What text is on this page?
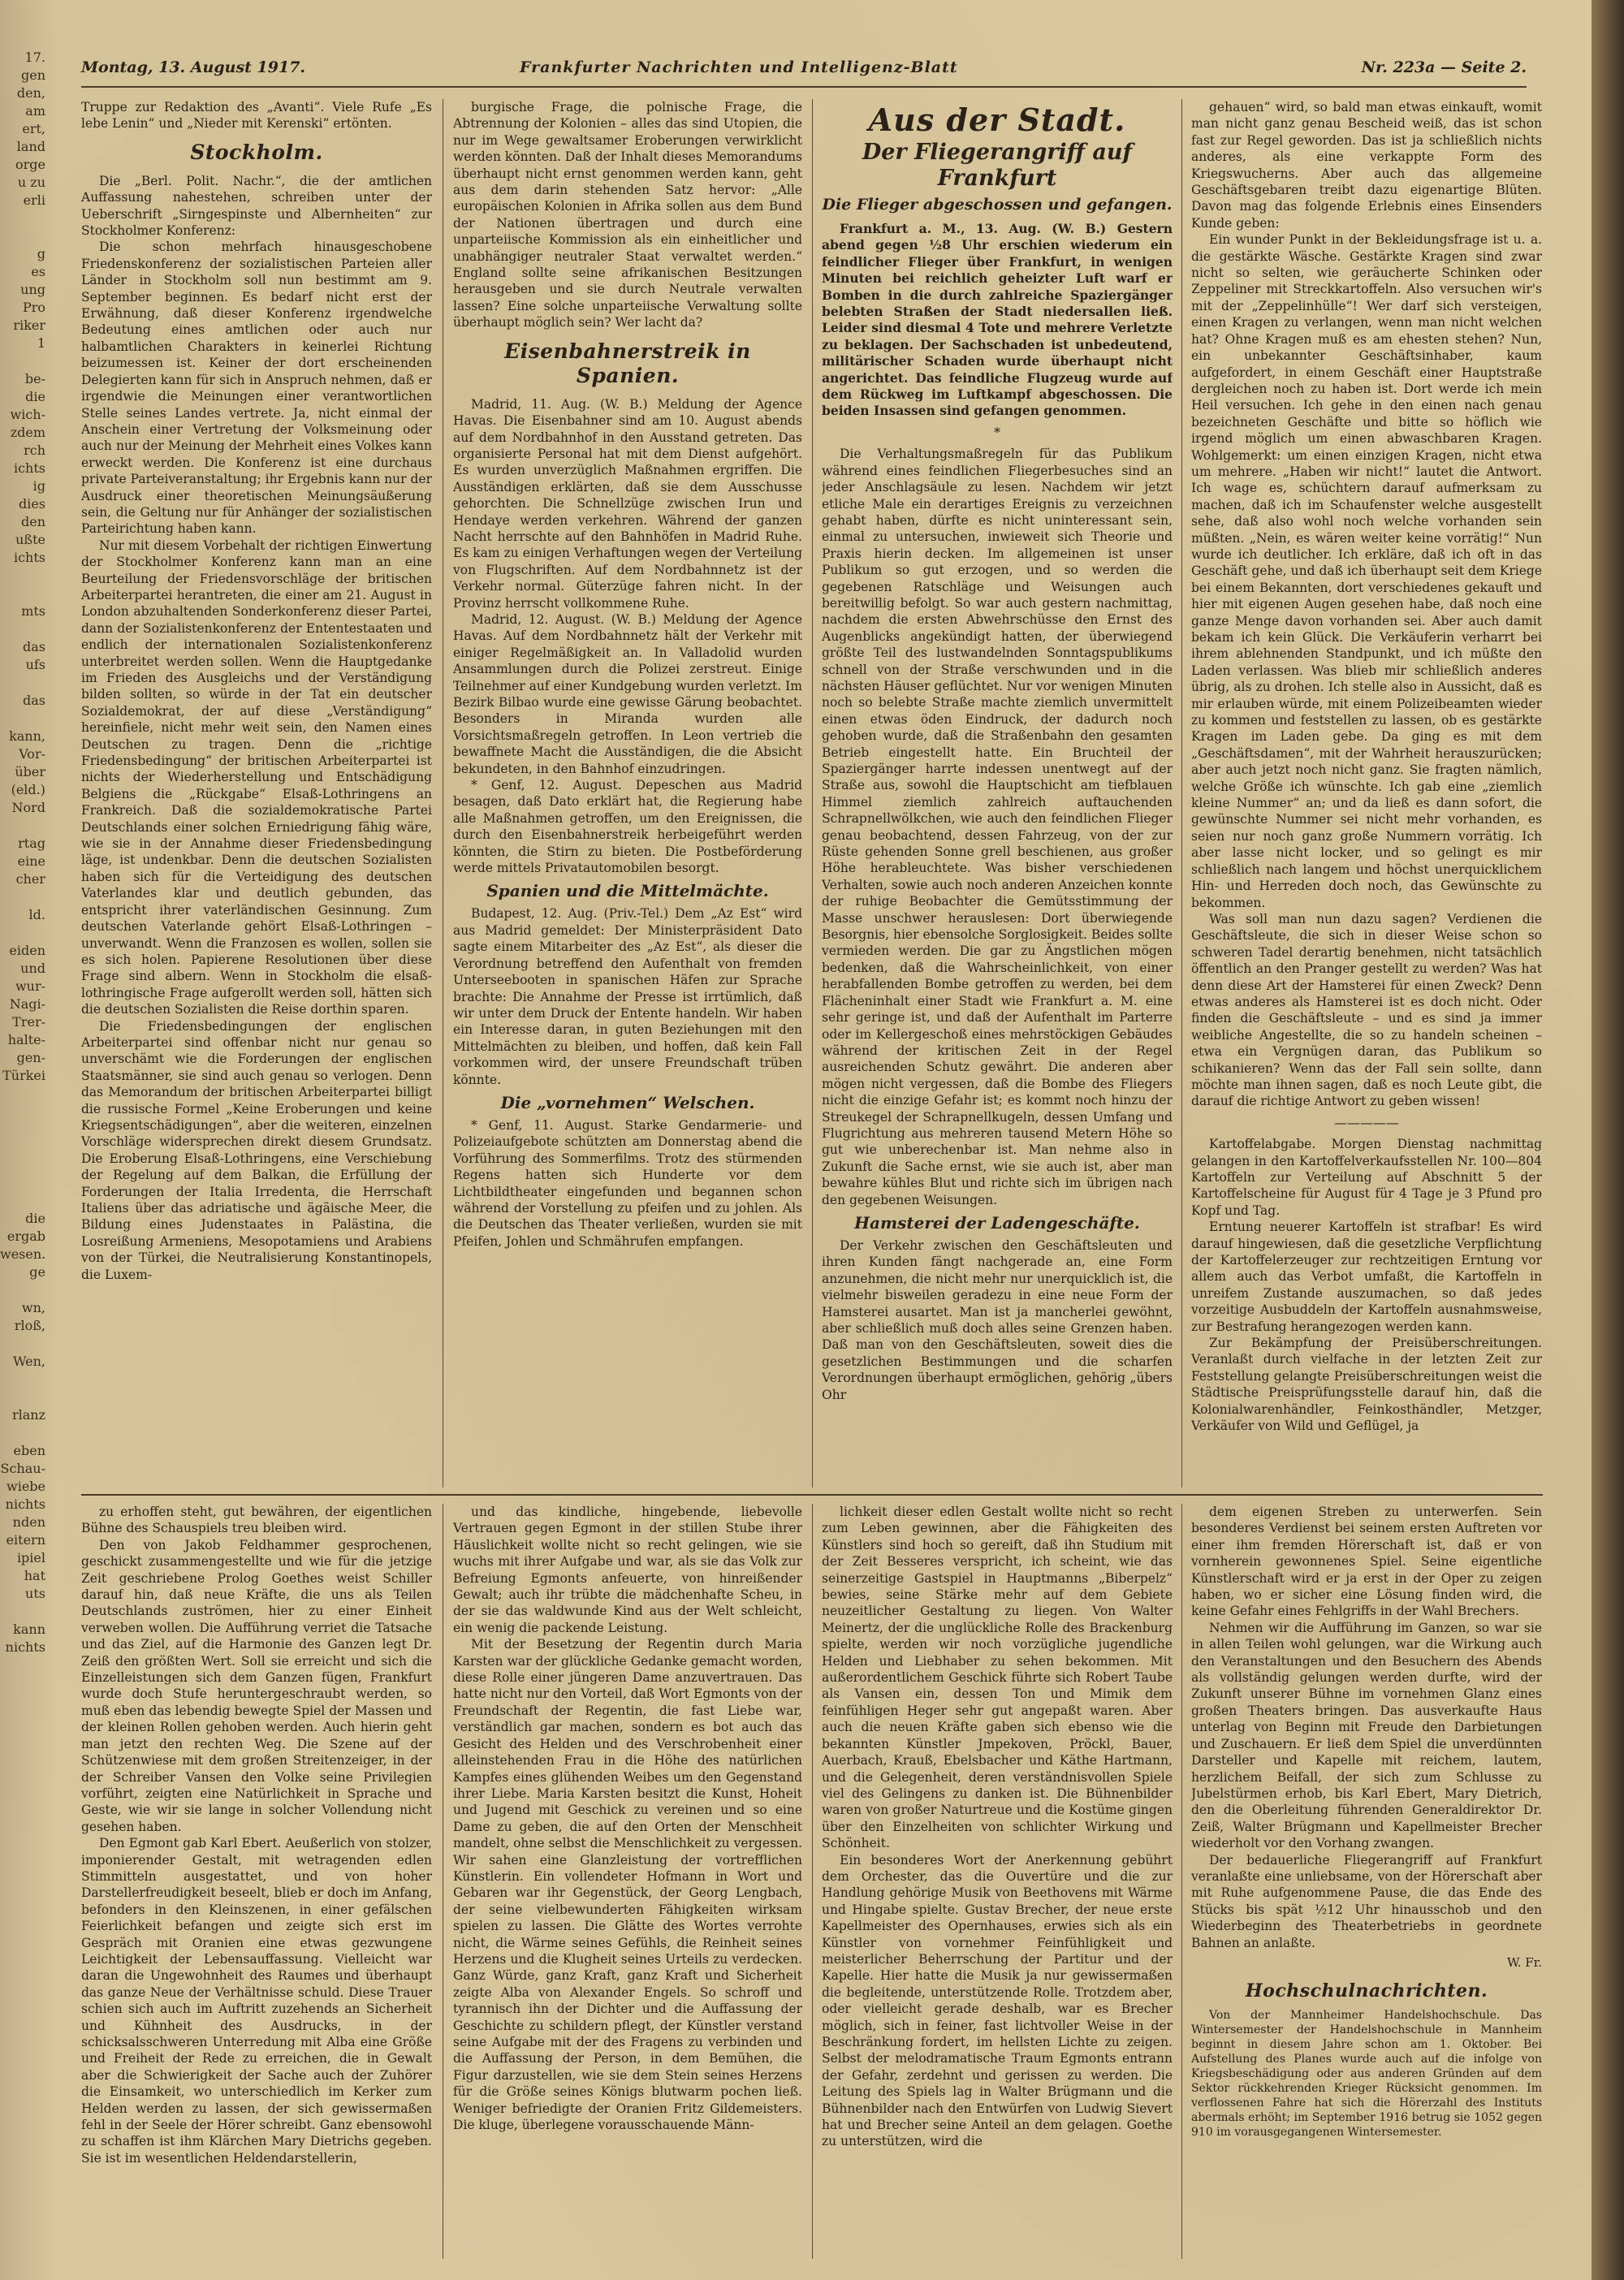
17.
gen
den,
am
ert,
land
orge
u zu
erli

g
es
ung
Pro
riker
1

be-
die
wich-
zdem
rch
ichts
ig
dies
den
ußte
ichts

mts

das
ufs

das

kann,
Vor-
über
(eld.)
Nord

rtag
eine
cher

ld.

eiden
und
wur-
Nagi-
Trer-
halte-
gen-
Türkei

die
ergab
wesen.
ge

wn,
rloß,

Wen,

rlanz

eben
Schau-
wiebe
nichts
nden
eitern
ipiel
hat
uts

kann
nichts
Montag, 13. August 1917.	Frankfurter Nachrichten und Intelligenz-Blatt	Nr. 223a — Seite 2.

Truppe zur Redaktion des „Avanti“. Viele Rufe „Es lebe Lenin“ und „Nieder mit Kerenski“ ertönten.

Stockholm.

Die „Berl. Polit. Nachr.“, die der amtlichen Auffassung nahestehen, schreiben unter der Ueberschrift „Sirngespinste und Albernheiten“ zur Stockholmer Konferenz:

Die schon mehrfach hinausgeschobene Friedenskonferenz der sozialistischen Parteien aller Länder in Stockholm soll nun bestimmt am 9. September beginnen. Es bedarf nicht erst der Erwähnung, daß dieser Konferenz irgendwelche Bedeutung eines amtlichen oder auch nur halbamtlichen Charakters in keinerlei Richtung beizumessen ist. Keiner der dort erscheinenden Delegierten kann für sich in Anspruch nehmen, daß er irgendwie die Meinungen einer verantwortlichen Stelle seines Landes vertrete. Ja, nicht einmal der Anschein einer Vertretung der Volksmeinung oder auch nur der Meinung der Mehrheit eines Volkes kann erweckt werden. Die Konferenz ist eine durchaus private Parteiveranstaltung; ihr Ergebnis kann nur der Ausdruck einer theoretischen Meinungsäußerung sein, die Geltung nur für Anhänger der sozialistischen Parteirichtung haben kann.

Nur mit diesem Vorbehalt der richtigen Einwertung der Stockholmer Konferenz kann man an eine Beurteilung der Friedensvorschläge der britischen Arbeiterpartei herantreten, die einer am 21. August in London abzuhaltenden Sonderkonferenz dieser Partei, dann der Sozialistenkonferenz der Ententestaaten und endlich der internationalen Sozialistenkonferenz unterbreitet werden sollen. Wenn die Hauptgedanke im Frieden des Ausgleichs und der Verständigung bilden sollten, so würde in der Tat ein deutscher Sozialdemokrat, der auf diese „Verständigung“ hereinfiele, nicht mehr weit sein, den Namen eines Deutschen zu tragen. Denn die „richtige Friedensbedingung“ der britischen Arbeiterpartei ist nichts der Wiederherstellung und Entschädigung Belgiens die „Rückgabe“ Elsaß-Lothringens an Frankreich. Daß die sozialdemokratische Partei Deutschlands einer solchen Erniedrigung fähig wäre, wie sie in der Annahme dieser Friedensbedingung läge, ist undenkbar. Denn die deutschen Sozialisten haben sich für die Verteidigung des deutschen Vaterlandes klar und deutlich gebunden, das entspricht ihrer vaterländischen Gesinnung. Zum deutschen Vaterlande gehört Elsaß-Lothringen – unverwandt. Wenn die Franzosen es wollen, sollen sie es sich holen. Papierene Resolutionen über diese Frage sind albern. Wenn in Stockholm die elsaß-lothringische Frage aufgerollt werden soll, hätten sich die deutschen Sozialisten die Reise dorthin sparen.

Die Friedensbedingungen der englischen Arbeiterpartei sind offenbar nicht nur genau so unverschämt wie die Forderungen der englischen Staatsmänner, sie sind auch genau so verlogen. Denn das Memorandum der britischen Arbeiterpartei billigt die russische Formel „Keine Eroberungen und keine Kriegsentschädigungen“, aber die weiteren, einzelnen Vorschläge widersprechen direkt diesem Grundsatz. Die Eroberung Elsaß-Lothringens, eine Verschiebung der Regelung auf dem Balkan, die Erfüllung der Forderungen der Italia Irredenta, die Herrschaft Italiens über das adriatische und ägäische Meer, die Bildung eines Judenstaates in Palästina, die Losreißung Armeniens, Mesopotamiens und Arabiens von der Türkei, die Neutralisierung Konstantinopels, die Luxem-

burgische Frage, die polnische Frage, die Abtrennung der Kolonien – alles das sind Utopien, die nur im Wege gewaltsamer Eroberungen verwirklicht werden könnten. Daß der Inhalt dieses Memorandums überhaupt nicht ernst genommen werden kann, geht aus dem darin stehenden Satz hervor: „Alle europäischen Kolonien in Afrika sollen aus dem Bund der Nationen übertragen und durch eine unparteiische Kommission als ein einheitlicher und unabhängiger neutraler Staat verwaltet werden.“ England sollte seine afrikanischen Besitzungen herausgeben und sie durch Neutrale verwalten lassen? Eine solche unparteiische Verwaltung sollte überhaupt möglich sein? Wer lacht da?

Eisenbahnerstreik in Spanien.

Madrid, 11. Aug. (W. B.) Meldung der Agence Havas. Die Eisenbahner sind am 10. August abends auf dem Nordbahnhof in den Ausstand getreten. Das organisierte Personal hat mit dem Dienst aufgehört. Es wurden unverzüglich Maßnahmen ergriffen. Die Ausständigen erklärten, daß sie dem Ausschusse gehorchten. Die Schnellzüge zwischen Irun und Hendaye werden verkehren. Während der ganzen Nacht herrschte auf den Bahnhöfen in Madrid Ruhe. Es kam zu einigen Verhaftungen wegen der Verteilung von Flugschriften. Auf dem Nordbahnnetz ist der Verkehr normal. Güterzüge fahren nicht. In der Provinz herrscht vollkommene Ruhe.

Madrid, 12. August. (W. B.) Meldung der Agence Havas. Auf dem Nordbahnnetz hält der Verkehr mit einiger Regelmäßigkeit an. In Valladolid wurden Ansammlungen durch die Polizei zerstreut. Einige Teilnehmer auf einer Kundgebung wurden verletzt. Im Bezirk Bilbao wurde eine gewisse Gärung beobachtet. Besonders in Miranda wurden alle Vorsichtsmaßregeln getroffen. In Leon vertrieb die bewaffnete Macht die Ausständigen, die die Absicht bekundeten, in den Bahnhof einzudringen.

* Genf, 12. August. Depeschen aus Madrid besagen, daß Dato erklärt hat, die Regierung habe alle Maßnahmen getroffen, um den Ereignissen, die durch den Eisenbahnerstreik herbeigeführt werden könnten, die Stirn zu bieten. Die Postbeförderung werde mittels Privatautomobilen besorgt.

Spanien und die Mittelmächte.

Budapest, 12. Aug. (Priv.-Tel.) Dem „Az Est“ wird aus Madrid gemeldet: Der Ministerpräsident Dato sagte einem Mitarbeiter des „Az Est“, als dieser die Verordnung betreffend den Aufenthalt von fremden Unterseebooten in spanischen Häfen zur Sprache brachte: Die Annahme der Presse ist irrtümlich, daß wir unter dem Druck der Entente handeln. Wir haben ein Interesse daran, in guten Beziehungen mit den Mittelmächten zu bleiben, und hoffen, daß kein Fall vorkommen wird, der unsere Freundschaft trüben könnte.

Die „vornehmen“ Welschen.

* Genf, 11. August. Starke Gendarmerie- und Polizeiaufgebote schützten am Donnerstag abend die Vorführung des Sommerfilms. Trotz des stürmenden Regens hatten sich Hunderte vor dem Lichtbildtheater eingefunden und begannen schon während der Vorstellung zu pfeifen und zu johlen. Als die Deutschen das Theater verließen, wurden sie mit Pfeifen, Johlen und Schmährufen empfangen.

Aus der Stadt.
Der Fliegerangriff auf Frankfurt
Die Flieger abgeschossen und gefangen.

Frankfurt a. M., 13. Aug. (W. B.) Gestern abend gegen ½8 Uhr erschien wiederum ein feindlicher Flieger über Frankfurt, in wenigen Minuten bei reichlich geheizter Luft warf er Bomben in die durch zahlreiche Spaziergänger belebten Straßen der Stadt niedersallen ließ. Leider sind diesmal 4 Tote und mehrere Verletzte zu beklagen. Der Sachschaden ist unbedeutend, militärischer Schaden wurde überhaupt nicht angerichtet. Das feindliche Flugzeug wurde auf dem Rückweg im Luftkampf abgeschossen. Die beiden Insassen sind gefangen genommen.

*

Die Verhaltungsmaßregeln für das Publikum während eines feindlichen Fliegerbesuches sind an jeder Anschlagsäule zu lesen. Nachdem wir jetzt etliche Male ein derartiges Ereignis zu verzeichnen gehabt haben, dürfte es nicht uninteressant sein, einmal zu untersuchen, inwieweit sich Theorie und Praxis hierin decken. Im allgemeinen ist unser Publikum so gut erzogen, und so werden die gegebenen Ratschläge und Weisungen auch bereitwillig befolgt. So war auch gestern nachmittag, nachdem die ersten Abwehrschüsse den Ernst des Augenblicks angekündigt hatten, der überwiegend größte Teil des lustwandelnden Sonntagspublikums schnell von der Straße verschwunden und in die nächsten Häuser geflüchtet. Nur vor wenigen Minuten noch so belebte Straße machte ziemlich unvermittelt einen etwas öden Eindruck, der dadurch noch gehoben wurde, daß die Straßenbahn den gesamten Betrieb eingestellt hatte. Ein Bruchteil der Spaziergänger harrte indessen unentwegt auf der Straße aus, sowohl die Hauptschicht am tiefblauen Himmel ziemlich zahlreich auftauchenden Schrapnellwölkchen, wie auch den feindlichen Flieger genau beobachtend, dessen Fahrzeug, von der zur Rüste gehenden Sonne grell beschienen, aus großer Höhe herableuchtete. Was bisher verschiedenen Verhalten, sowie auch noch anderen Anzeichen konnte der ruhige Beobachter die Gemütsstimmung der Masse unschwer herauslesen: Dort überwiegende Besorgnis, hier ebensolche Sorglosigkeit. Beides sollte vermieden werden. Die gar zu Ängstlichen mögen bedenken, daß die Wahrscheinlichkeit, von einer herabfallenden Bombe getroffen zu werden, bei dem Flächeninhalt einer Stadt wie Frankfurt a. M. eine sehr geringe ist, und daß der Aufenthalt im Parterre oder im Kellergeschoß eines mehrstöckigen Gebäudes während der kritischen Zeit in der Regel ausreichenden Schutz gewährt. Die anderen aber mögen nicht vergessen, daß die Bombe des Fliegers nicht die einzige Gefahr ist; es kommt noch hinzu der Streukegel der Schrapnellkugeln, dessen Umfang und Flugrichtung aus mehreren tausend Metern Höhe so gut wie unberechenbar ist. Man nehme also in Zukunft die Sache ernst, wie sie auch ist, aber man bewahre kühles Blut und richte sich im übrigen nach den gegebenen Weisungen.

Hamsterei der Ladengeschäfte.

Der Verkehr zwischen den Geschäftsleuten und ihren Kunden fängt nachgerade an, eine Form anzunehmen, die nicht mehr nur unerquicklich ist, die vielmehr bisweilen geradezu in eine neue Form der Hamsterei ausartet. Man ist ja mancherlei gewöhnt, aber schließlich muß doch alles seine Grenzen haben. Daß man von den Geschäftsleuten, soweit dies die gesetzlichen Bestimmungen und die scharfen Verordnungen überhaupt ermöglichen, gehörig „übers Ohr

gehauen“ wird, so bald man etwas einkauft, womit man nicht ganz genau Bescheid weiß, das ist schon fast zur Regel geworden. Das ist ja schließlich nichts anderes, als eine verkappte Form des Kriegswucherns. Aber auch das allgemeine Geschäftsgebaren treibt dazu eigenartige Blüten. Davon mag das folgende Erlebnis eines Einsenders Kunde geben:

Ein wunder Punkt in der Bekleidungsfrage ist u. a. die gestärkte Wäsche. Gestärkte Kragen sind zwar nicht so selten, wie geräucherte Schinken oder Zeppeliner mit Streckkartoffeln. Also versuchen wir's mit der „Zeppelinhülle“! Wer darf sich versteigen, einen Kragen zu verlangen, wenn man nicht welchen hat? Ohne Kragen muß es am ehesten stehen? Nun, ein unbekannter Geschäftsinhaber, kaum aufgefordert, in einem Geschäft einer Hauptstraße dergleichen noch zu haben ist. Dort werde ich mein Heil versuchen. Ich gehe in den einen nach genau bezeichneten Geschäfte und bitte so höflich wie irgend möglich um einen abwaschbaren Kragen. Wohlgemerkt: um einen einzigen Kragen, nicht etwa um mehrere. „Haben wir nicht!“ lautet die Antwort. Ich wage es, schüchtern darauf aufmerksam zu machen, daß ich im Schaufenster welche ausgestellt sehe, daß also wohl noch welche vorhanden sein müßten. „Nein, es wären weiter keine vorrätig!“ Nun wurde ich deutlicher. Ich erkläre, daß ich oft in das Geschäft gehe, und daß ich überhaupt seit dem Kriege bei einem Bekannten, dort verschiedenes gekauft und hier mit eigenen Augen gesehen habe, daß noch eine ganze Menge davon vorhanden sei. Aber auch damit bekam ich kein Glück. Die Verkäuferin verharrt bei ihrem ablehnenden Standpunkt, und ich müßte den Laden verlassen. Was blieb mir schließlich anderes übrig, als zu drohen. Ich stelle also in Aussicht, daß es mir erlauben würde, mit einem Polizeibeamten wieder zu kommen und feststellen zu lassen, ob es gestärkte Kragen im Laden gebe. Da ging es mit dem „Geschäftsdamen“, mit der Wahrheit herauszurücken; aber auch jetzt noch nicht ganz. Sie fragten nämlich, welche Größe ich wünschte. Ich gab eine „ziemlich kleine Nummer“ an; und da ließ es dann sofort, die gewünschte Nummer sei nicht mehr vorhanden, es seien nur noch ganz große Nummern vorrätig. Ich aber lasse nicht locker, und so gelingt es mir schließlich nach langem und höchst unerquicklichem Hin- und Herreden doch noch, das Gewünschte zu bekommen.

Was soll man nun dazu sagen? Verdienen die Geschäftsleute, die sich in dieser Weise schon so schweren Tadel derartig benehmen, nicht tatsächlich öffentlich an den Pranger gestellt zu werden? Was hat denn diese Art der Hamsterei für einen Zweck? Denn etwas anderes als Hamsterei ist es doch nicht. Oder finden die Geschäftsleute – und es sind ja immer weibliche Angestellte, die so zu handeln scheinen – etwa ein Vergnügen daran, das Publikum so schikanieren? Wenn das der Fall sein sollte, dann möchte man ihnen sagen, daß es noch Leute gibt, die darauf die richtige Antwort zu geben wissen!

—————

Kartoffelabgabe. Morgen Dienstag nachmittag gelangen in den Kartoffelverkaufsstellen Nr. 100—804 Kartoffeln zur Verteilung auf Abschnitt 5 der Kartoffelscheine für August für 4 Tage je 3 Pfund pro Kopf und Tag.

Erntung neuerer Kartoffeln ist strafbar! Es wird darauf hingewiesen, daß die gesetzliche Verpflichtung der Kartoffelerzeuger zur rechtzeitigen Erntung vor allem auch das Verbot umfaßt, die Kartoffeln in unreifem Zustande auszumachen, so daß jedes vorzeitige Ausbuddeln der Kartoffeln ausnahmsweise, zur Bestrafung herangezogen werden kann.

Zur Bekämpfung der Preisüberschreitungen. Veranlaßt durch vielfache in der letzten Zeit zur Feststellung gelangte Preisüberschreitungen weist die Städtische Preisprüfungsstelle darauf hin, daß die Kolonialwarenhändler, Feinkosthändler, Metzger, Verkäufer von Wild und Geflügel, ja

zu erhoffen steht, gut bewähren, der eigentlichen Bühne des Schauspiels treu bleiben wird.

Den von Jakob Feldhammer gesprochenen, geschickt zusammengestellte und wie für die jetzige Zeit geschriebene Prolog Goethes weist Schiller darauf hin, daß neue Kräfte, die uns als Teilen Deutschlands zuströmen, hier zu einer Einheit verweben wollen. Die Aufführung verriet die Tatsache und das Ziel, auf die Harmonie des Ganzen legt Dr. Zeiß den größten Wert. Soll sie erreicht und sich die Einzelleistungen sich dem Ganzen fügen, Frankfurt wurde doch Stufe heruntergeschraubt werden, so muß eben das lebendig bewegte Spiel der Massen und der kleinen Rollen gehoben werden. Auch hierin geht man jetzt den rechten Weg. Die Szene auf der Schützenwiese mit dem großen Streitenzeiger, in der der Schreiber Vansen den Volke seine Privilegien vorführt, zeigten eine Natürlichkeit in Sprache und Geste, wie wir sie lange in solcher Vollendung nicht gesehen haben.

Den Egmont gab Karl Ebert. Aeußerlich von stolzer, imponierender Gestalt, mit wetragenden edlen Stimmitteln ausgestattet, und von hoher Darstellerfreudigkeit beseelt, blieb er doch im Anfang, befonders in den Kleinszenen, in einer gefälschen Feierlichkeit befangen und zeigte sich erst im Gespräch mit Oranien eine etwas gezwungene Leichtigkeit der Lebensauffassung. Vielleicht war daran die Ungewohnheit des Raumes und überhaupt das ganze Neue der Verhältnisse schuld. Diese Trauer schien sich auch im Auftritt zuzehends an Sicherheit und Kühnheit des Ausdrucks, in der schicksalsschweren Unterredung mit Alba eine Größe und Freiheit der Rede zu erreichen, die in Gewalt aber die Schwierigkeit der Sache auch der Zuhörer die Einsamkeit, wo unterschiedlich im Kerker zum Helden werden zu lassen, der sich gewissermaßen fehl in der Seele der Hörer schreibt. Ganz ebensowohl zu schaffen ist ihm Klärchen Mary Dietrichs gegeben. Sie ist im wesentlichen Heldendarstellerin,

und das kindliche, hingebende, liebevolle Vertrauen gegen Egmont in der stillen Stube ihrer Häuslichkeit wollte nicht so recht gelingen, wie sie wuchs mit ihrer Aufgabe und war, als sie das Volk zur Befreiung Egmonts anfeuerte, von hinreißender Gewalt; auch ihr trübte die mädchenhafte Scheu, in der sie das waldwunde Kind aus der Welt schleicht, ein wenig die packende Leistung.

Mit der Besetzung der Regentin durch Maria Karsten war der glückliche Gedanke gemacht worden, diese Rolle einer jüngeren Dame anzuvertrauen. Das hatte nicht nur den Vorteil, daß Wort Egmonts von der Freundschaft der Regentin, die fast Liebe war, verständlich gar machen, sondern es bot auch das Gesicht des Helden und des Verschrobenheit einer alleinstehenden Frau in die Höhe des natürlichen Kampfes eines glühenden Weibes um den Gegenstand ihrer Liebe. Maria Karsten besitzt die Kunst, Hoheit und Jugend mit Geschick zu vereinen und so eine Dame zu geben, die auf den Orten der Menschheit mandelt, ohne selbst die Menschlichkeit zu vergessen. Wir sahen eine Glanzleistung der vortrefflichen Künstlerin. Ein vollendeter Hofmann in Wort und Gebaren war ihr Gegenstück, der Georg Lengbach, der seine vielbewunderten Fähigkeiten wirksam spielen zu lassen. Die Glätte des Wortes verrohte nicht, die Wärme seines Gefühls, die Reinheit seines Herzens und die Klugheit seines Urteils zu verdecken. Ganz Würde, ganz Kraft, ganz Kraft und Sicherheit zeigte Alba von Alexander Engels. So schroff und tyrannisch ihn der Dichter und die Auffassung der Geschichte zu schildern pflegt, der Künstler verstand seine Aufgabe mit der des Fragens zu verbinden und die Auffassung der Person, in dem Bemühen, die Figur darzustellen, wie sie dem Stein seines Herzens für die Größe seines Königs blutwarm pochen ließ. Weniger befriedigte der Oranien Fritz Gildemeisters. Die kluge, überlegene vorausschauende Männ-

lichkeit dieser edlen Gestalt wollte nicht so recht zum Leben gewinnen, aber die Fähigkeiten des Künstlers sind hoch so gereift, daß ihn Studium mit der Zeit Besseres verspricht, ich scheint, wie das seinerzeitige Gastspiel in Hauptmanns „Biberpelz“ bewies, seine Stärke mehr auf dem Gebiete neuzeitlicher Gestaltung zu liegen. Von Walter Meinertz, der die unglückliche Rolle des Brackenburg spielte, werden wir noch vorzügliche jugendliche Helden und Liebhaber zu sehen bekommen. Mit außerordentlichem Geschick führte sich Robert Taube als Vansen ein, dessen Ton und Mimik dem feinfühligen Heger sehr gut angepaßt waren. Aber auch die neuen Kräfte gaben sich ebenso wie die bekannten Künstler Jmpekoven, Pröckl, Bauer, Auerbach, Krauß, Ebelsbacher und Käthe Hartmann, und die Gelegenheit, deren verständnisvollen Spiele viel des Gelingens zu danken ist. Die Bühnenbilder waren von großer Naturtreue und die Kostüme gingen über den Einzelheiten von schlichter Wirkung und Schönheit.

Ein besonderes Wort der Anerkennung gebührt dem Orchester, das die Ouvertüre und die zur Handlung gehörige Musik von Beethovens mit Wärme und Hingabe spielte. Gustav Brecher, der neue erste Kapellmeister des Opernhauses, erwies sich als ein Künstler von vornehmer Feinfühligkeit und meisterlicher Beherrschung der Partitur und der Kapelle. Hier hatte die Musik ja nur gewissermaßen die begleitende, unterstützende Rolle. Trotzdem aber, oder vielleicht gerade deshalb, war es Brecher möglich, sich in feiner, fast lichtvoller Weise in der Beschränkung fordert, im hellsten Lichte zu zeigen. Selbst der melodramatische Traum Egmonts entrann der Gefahr, zerdehnt und gerissen zu werden. Die Leitung des Spiels lag in Walter Brügmann und die Bühnenbilder nach den Entwürfen von Ludwig Sievert hat und Brecher seine Anteil an dem gelagen. Goethe zu unterstützen, wird die

dem eigenen Streben zu unterwerfen. Sein besonderes Verdienst bei seinem ersten Auftreten vor einer ihm fremden Hörerschaft ist, daß er von vornherein gewonnenes Spiel. Seine eigentliche Künstlerschaft wird er ja erst in der Oper zu zeigen haben, wo er sicher eine Lösung finden wird, die keine Gefahr eines Fehlgriffs in der Wahl Brechers.

Nehmen wir die Aufführung im Ganzen, so war sie in allen Teilen wohl gelungen, war die Wirkung auch den Veranstaltungen und den Besuchern des Abends als vollständig gelungen werden durfte, wird der Zukunft unserer Bühne im vornehmen Glanz eines großen Theaters bringen. Das ausverkaufte Haus unterlag von Beginn mit Freude den Darbietungen und Zuschauern. Er ließ dem Spiel die unverdünnten Darsteller und Kapelle mit reichem, lautem, herzlichem Beifall, der sich zum Schlusse zu Jubelstürmen erhob, bis Karl Ebert, Mary Dietrich, den die Oberleitung führenden Generaldirektor Dr. Zeiß, Walter Brügmann und Kapellmeister Brecher wiederholt vor den Vorhang zwangen.

Der bedauerliche Fliegerangriff auf Frankfurt veranlaßte eine unliebsame, von der Hörerschaft aber mit Ruhe aufgenommene Pause, die das Ende des Stücks bis spät ½12 Uhr hinausschob und den Wiederbeginn des Theaterbetriebs in geordnete Bahnen an anlaßte.

W. Fr.
Hochschulnachrichten.

Von der Mannheimer Handelshochschule. Das Wintersemester der Handelshochschule in Mannheim beginnt in diesem Jahre schon am 1. Oktober. Bei Aufstellung des Planes wurde auch auf die infolge von Kriegsbeschädigung oder aus anderen Gründen auf dem Sektor rückkehrenden Krieger Rücksicht genommen. Im verflossenen Fahre hat sich die Hörerzahl des Instituts abermals erhöht; im September 1916 betrug sie 1052 gegen 910 im vorausgegangenen Wintersemester.
